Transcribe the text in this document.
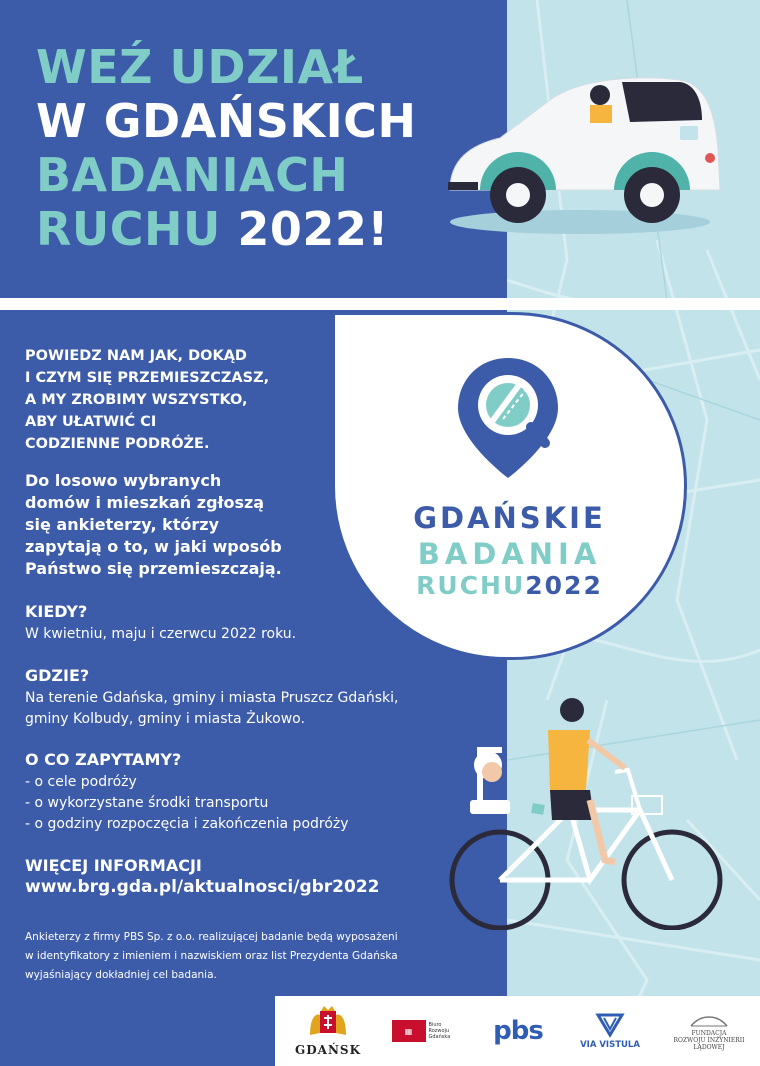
WEŹ UDZIAŁ
W GDAŃSKICH
BADANIACH
RUCHU 2022!
GDAŃSKIE
BADANIA
RUCHU2022
POWIEDZ NAM JAK, DOKĄD
I CZYM SIĘ PRZEMIESZCZASZ,
A MY ZROBIMY WSZYSTKO,
ABY UŁATWIĆ CI
CODZIENNE PODRÓŻE.
Do losowo wybranych
domów i mieszkań zgłoszą
się ankieterzy, którzy
zapytają o to, w jaki wposób
Państwo się przemieszczają.
KIEDY?
W kwietniu, maju i czerwcu 2022 roku.
GDZIE?
Na terenie Gdańska, gminy i miasta Pruszcz Gdański,
gminy Kolbudy, gminy i miasta Żukowo.
O CO ZAPYTAMY?
- o cele podróży
- o wykorzystane środki transportu
- o godziny rozpoczęcia i zakończenia podróży
WIĘCEJ INFORMACJI
www.brg.gda.pl/aktualnosci/gbr2022
Ankieterzy z firmy PBS Sp. z o.o. realizującej badanie będą wyposażeni
w identyfikatory z imieniem i nazwiskiem oraz list Prezydenta Gdańska
wyjaśniający dokładniej cel badania.
GDAŃSK
▦
Biuro Rozwoju
Gdańska	pbs	VIA VISTULA
FUNDACJA
ROZWOJU INŻYNIERII LĄDOWEJ
